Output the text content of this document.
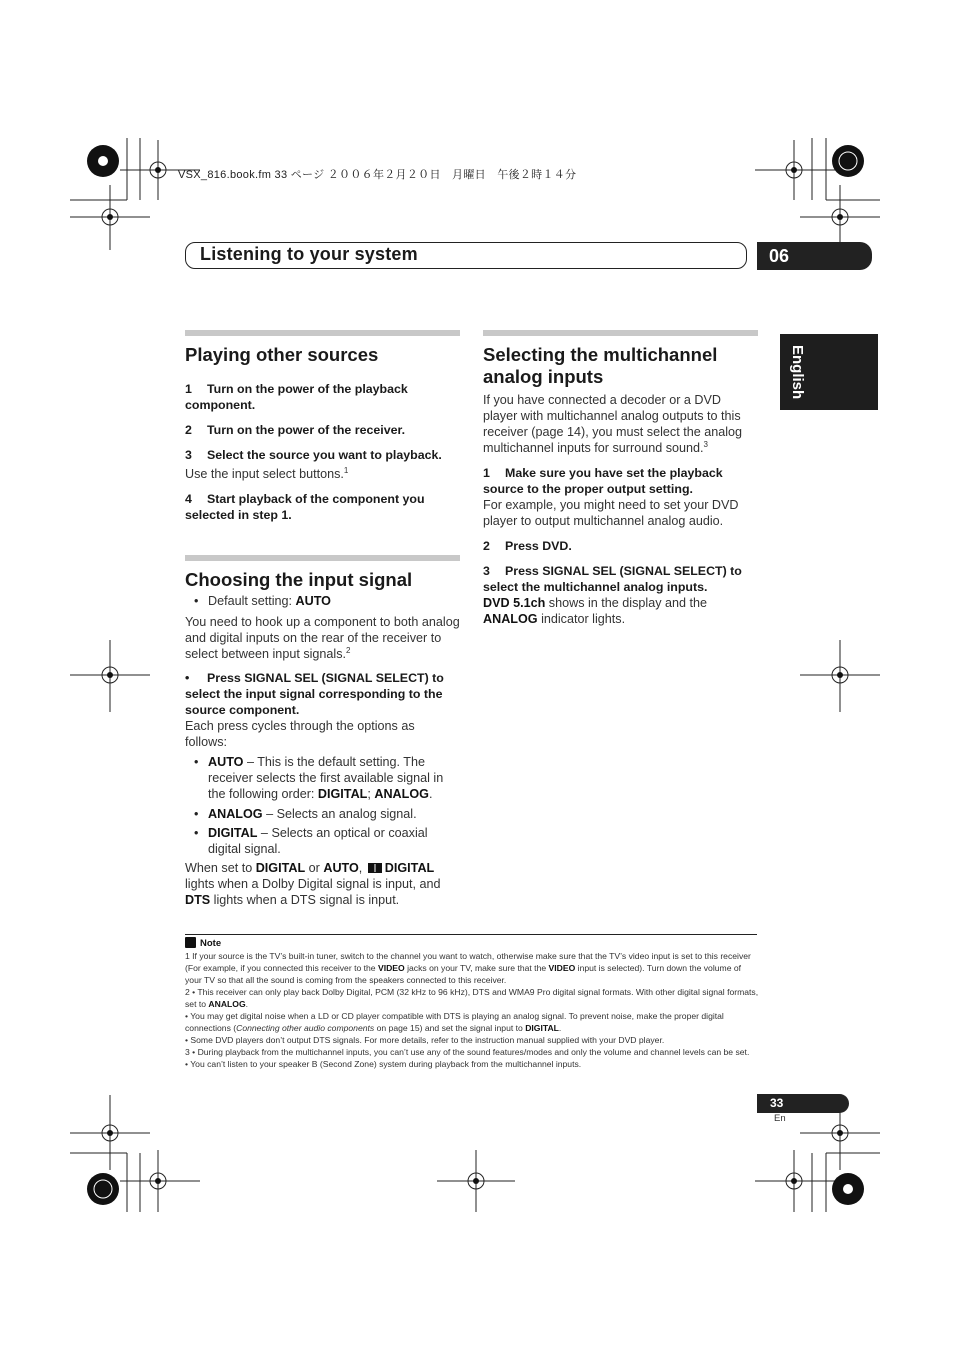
VSX_816.book.fm 33 ページ ２００６年２月２０日　月曜日　午後２時１４分
Listening to your system	06
English
Playing other sources

1 Turn on the power of the playback component.

2 Turn on the power of the receiver.

3 Select the source you want to playback.

Use the input select buttons.$^1$

4 Start playback of the component you selected in step 1.

Choosing the input signal
• Default setting: AUTO

You need to hook up a component to both analog and digital inputs on the rear of the receiver to select between input signals.$^2$

• Press SIGNAL SEL (SIGNAL SELECT) to select the input signal corresponding to the source component.

Each press cycles through the options as follows:

• AUTO – This is the default setting. The receiver selects the first available signal in the following order: DIGITAL; ANALOG.
• ANALOG – Selects an analog signal.
• DIGITAL – Selects an optical or coaxial digital signal.

When set to DIGITAL or AUTO, DIGITAL lights when a Dolby Digital signal is input, and DTS lights when a DTS signal is input.

Selecting the multichannel analog inputs

If you have connected a decoder or a DVD player with multichannel analog outputs to this receiver (page 14), you must select the analog multichannel inputs for surround sound.$^3$

1 Make sure you have set the playback source to the proper output setting.

For example, you might need to set your DVD player to output multichannel analog audio.

2 Press DVD.

3 Press SIGNAL SEL (SIGNAL SELECT) to select the multichannel analog inputs.

DVD 5.1ch shows in the display and the ANALOG indicator lights.

Note

1 If your source is the TV’s built-in tuner, switch to the channel you want to watch, otherwise make sure that the TV’s video input is set to this receiver (For example, if you connected this receiver to the VIDEO jacks on your TV, make sure that the VIDEO input is selected). Turn down the volume of your TV so that all the sound is coming from the speakers connected to this receiver.

2 • This receiver can only play back Dolby Digital, PCM (32 kHz to 96 kHz), DTS and WMA9 Pro digital signal formats. With other digital signal formats, set to ANALOG.

• You may get digital noise when a LD or CD player compatible with DTS is playing an analog signal. To prevent noise, make the proper digital connections (Connecting other audio components on page 15) and set the signal input to DIGITAL.

• Some DVD players don’t output DTS signals. For more details, refer to the instruction manual supplied with your DVD player.

3 • During playback from the multichannel inputs, you can’t use any of the sound features/modes and only the volume and channel levels can be set.

• You can’t listen to your speaker B (Second Zone) system during playback from the multichannel inputs.

33
En
